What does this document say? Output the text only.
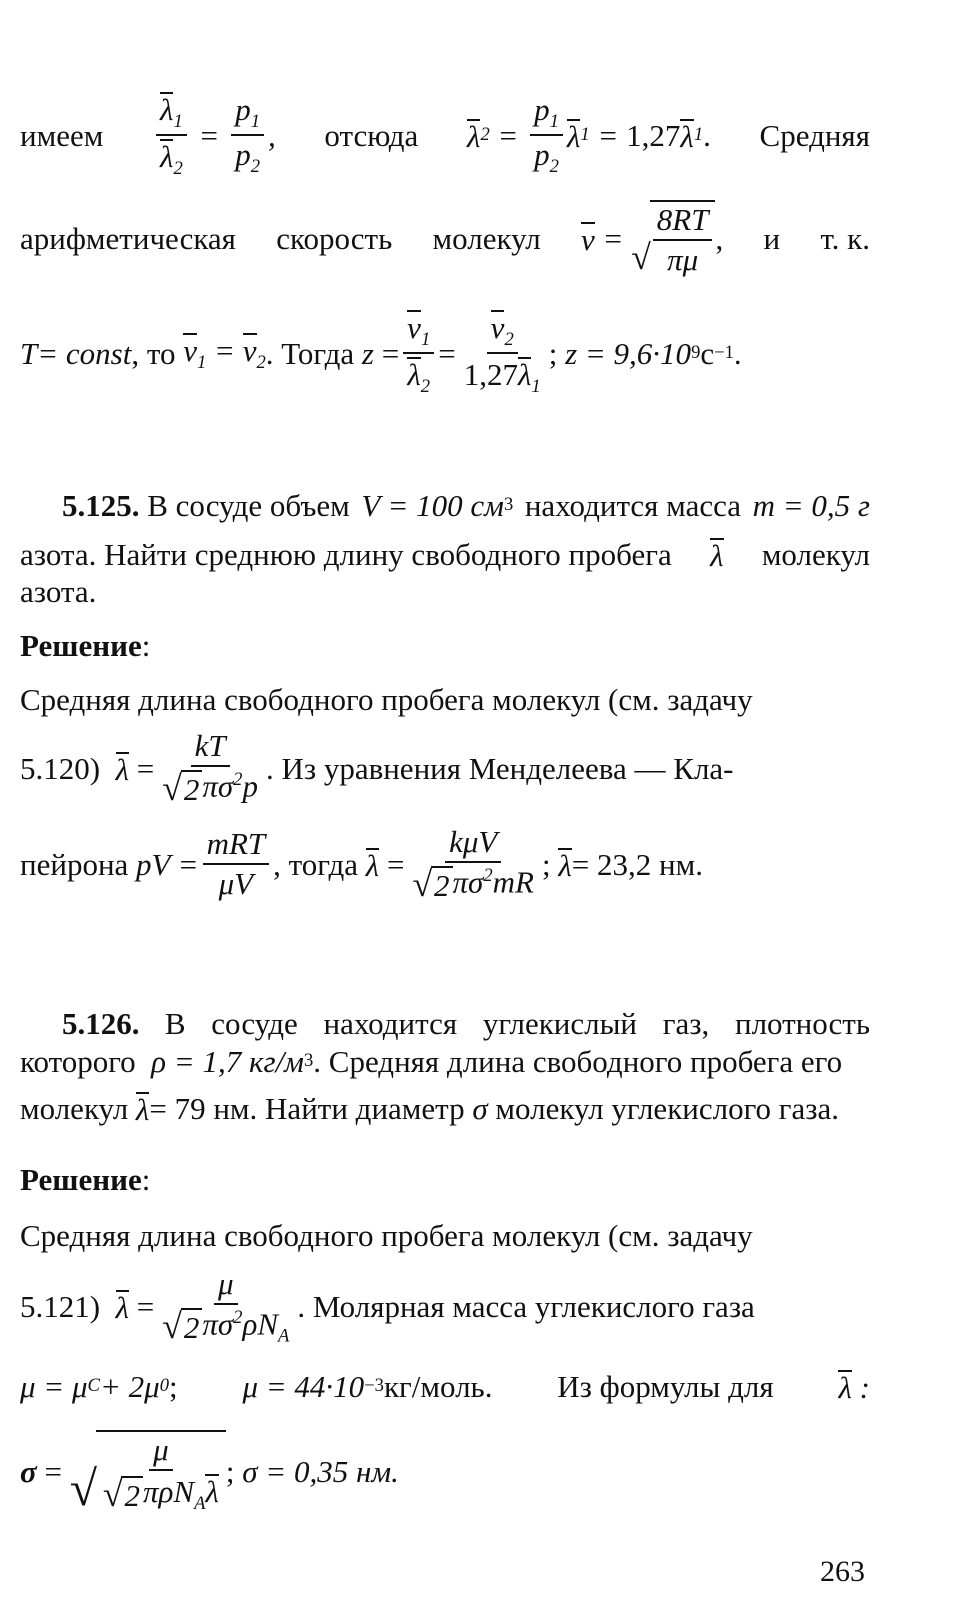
имеем $\frac{\lambda_1}{\lambda_2} = \frac{p_1}{p_2}$ , отсюда λ $2 = \frac{p_1}{p_2}$ λ 1 = 1,27 λ 1 . Средняя
арифметическая скорость молекул v = √ $\frac{8RT}{\pi\mu}$ , и т. к.
T = const , то
$v_1 = v_2$ . Тогда
$z = \frac{v_1}{\lambda_2} = \frac{v_2}{1,27\lambda_1}$ ; z = 9,6·10 9 с −1 .
5.125. В сосуде объем V = 100 см 3 находится масса m = 0,5 г
азота. Найти среднюю длину свободного пробега λ молекул
азота.
Решение:
Средняя длина свободного пробега молекул (см. задачу
5.120)
$\lambda = \frac{kT}{√ 2 \pi\sigma^2p}$ . Из уравнения Менделеева — Кла-
пейрона
pV = $\frac{\text{mRT}}{\mu V}$ , тогда
$\lambda = \frac{\text{kμV}}{√ 2 \pi\sigma^2mR}$ ; λ = 23,2 нм.
5.126. В сосуде находится углекислый газ, плотность
которого
ρ = 1,7 кг/м 3 . Средняя длина свободного пробега его
молекул
λ = 79 нм. Найти диаметр
σ
молекул углекислого газа.
Решение:
Средняя длина свободного пробега молекул (см. задачу
5.121)
$\lambda = \frac{\mu}{√ 2 \pi\sigma^2\rho N_A}$ . Молярная масса углекислого газа
μ = μ C + 2μ 0 ; μ = 44·10 −3 кг/моль. Из формулы для λ :
σ = √ $\frac{\mu}{√ 2 \pi\rho N_A\lambda}$ ; σ = 0,35 нм.
263
